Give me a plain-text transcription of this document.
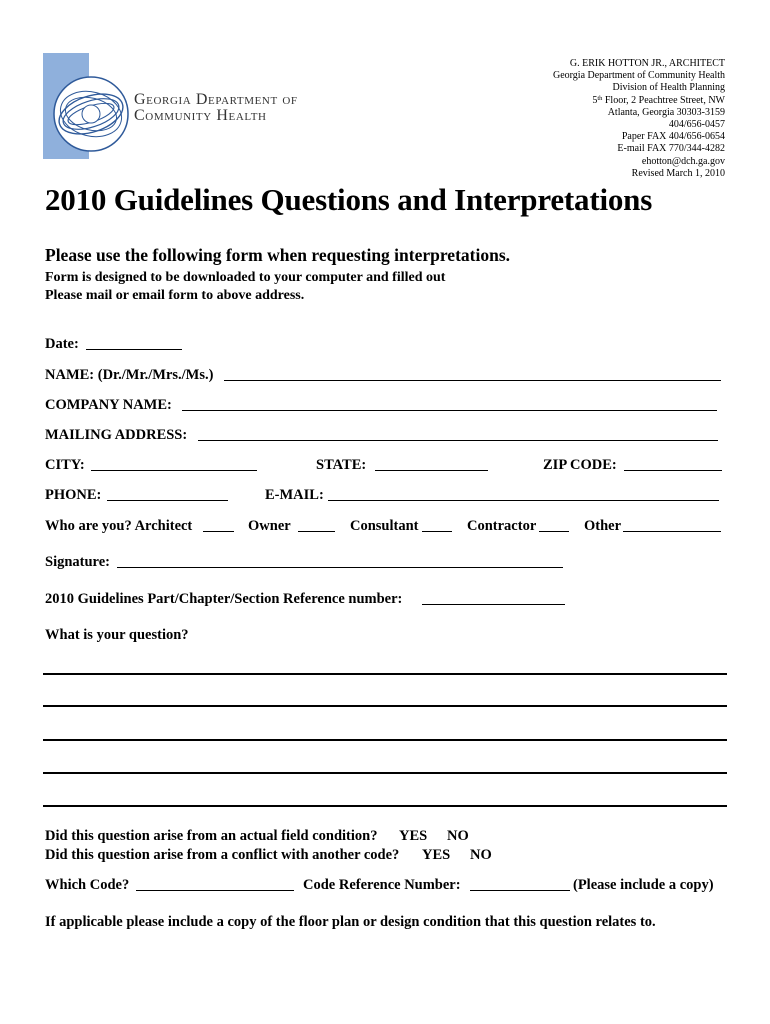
Georgia Department of
Community Health
G. ERIK HOTTON JR., ARCHITECT
Georgia Department of Community Health
Division of Health Planning
5th Floor, 2 Peachtree Street, NW
Atlanta, Georgia 30303-3159
404/656-0457
Paper FAX 404/656-0654
E-mail FAX 770/344-4282
ehotton@dch.ga.gov
Revised March 1, 2010
2010 Guidelines Questions and Interpretations
Please use the following form when requesting interpretations.
Form is designed to be downloaded to your computer and filled out
Please mail or email form to above address.
Date:
NAME: (Dr./Mr./Mrs./Ms.)
COMPANY NAME:
MAILING ADDRESS:
CITY:	STATE:	ZIP CODE:
PHONE:	E-MAIL:
Who are you? Architect	Owner	Consultant	Contractor	Other
Signature:
2010 Guidelines Part/Chapter/Section Reference number:
What is your question?
Did this question arise from an actual field condition? YES NO
Did this question arise from a conflict with another code? YES NO
Which Code?	Code Reference Number:	(Please include a copy)
If applicable please include a copy of the floor plan or design condition that this question relates to.
